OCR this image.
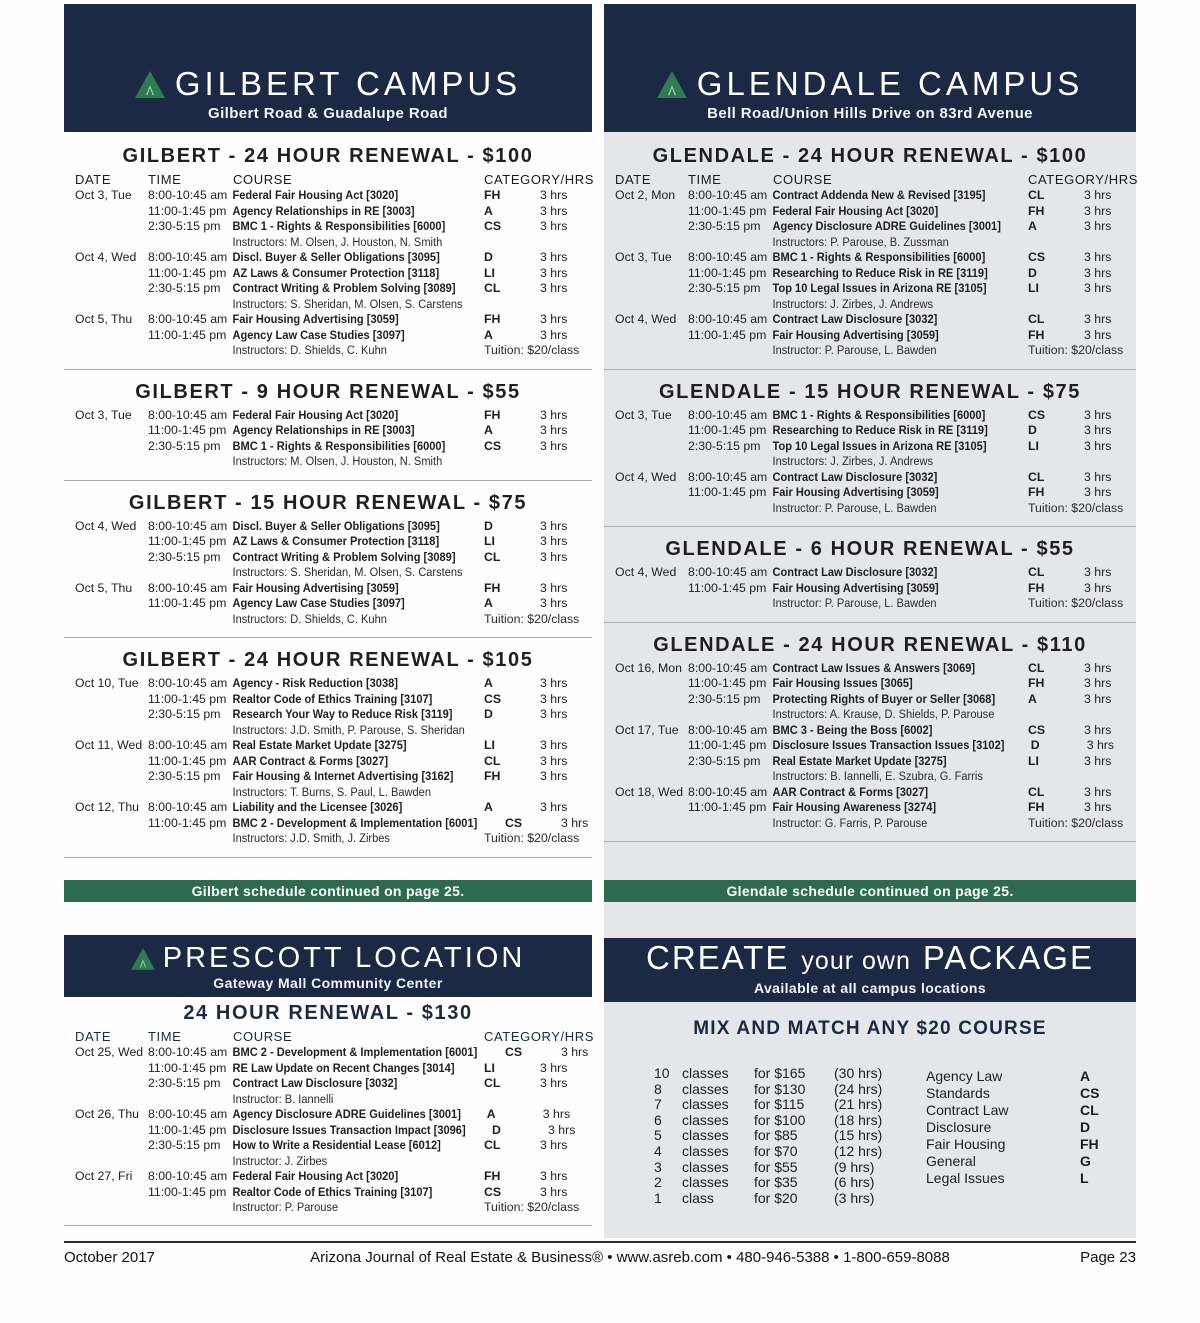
GILBERT CAMPUS
Gilbert Road & Guadalupe Road
GILBERT - 24 HOUR RENEWAL - $100
DATE	TIME	COURSE	CATEGORY/HRS
Oct 3, Tue	8:00-10:45 am Federal Fair Housing Act [3020]	FH	3 hrs
11:00-1:45 pm Agency Relationships in RE [3003]	A	3 hrs
2:30-5:15 pm BMC 1 - Rights & Responsibilities [6000]	CS	3 hrs
Instructors: M. Olsen, J. Houston, N. Smith
Oct 4, Wed 8:00-10:45 am Discl. Buyer & Seller Obligations [3095]	D	3 hrs
11:00-1:45 pm AZ Laws & Consumer Protection [3118]	LI	3 hrs
2:30-5:15 pm Contract Writing & Problem Solving [3089] CL	3 hrs
Instructors: S. Sheridan, M. Olsen, S. Carstens
Oct 5, Thu	8:00-10:45 am Fair Housing Advertising [3059]	FH	3 hrs
11:00-1:45 pm Agency Law Case Studies [3097]	A	3 hrs
Instructors: D. Shields, C. Kuhn	Tuition: $20/class
GILBERT - 9 HOUR RENEWAL - $55
Oct 3, Tue	8:00-10:45 am Federal Fair Housing Act [3020]	FH	3 hrs
11:00-1:45 pm Agency Relationships in RE [3003]	A	3 hrs
2:30-5:15 pm BMC 1 - Rights & Responsibilities [6000]	CS	3 hrs
Instructors: M. Olsen, J. Houston, N. Smith
GILBERT - 15 HOUR RENEWAL - $75
Oct 4, Wed 8:00-10:45 am Discl. Buyer & Seller Obligations [3095]	D	3 hrs
11:00-1:45 pm AZ Laws & Consumer Protection [3118]	LI	3 hrs
2:30-5:15 pm Contract Writing & Problem Solving [3089] CL	3 hrs
Instructors: S. Sheridan, M. Olsen, S. Carstens
Oct 5, Thu	8:00-10:45 am Fair Housing Advertising [3059]	FH	3 hrs
11:00-1:45 pm Agency Law Case Studies [3097]	A	3 hrs
Instructors: D. Shields, C. Kuhn	Tuition: $20/class
GILBERT - 24 HOUR RENEWAL - $105
Oct 10, Tue 8:00-10:45 am Agency - Risk Reduction [3038]	A	3 hrs
11:00-1:45 pm Realtor Code of Ethics Training [3107]	CS	3 hrs
2:30-5:15 pm Research Your Way to Reduce Risk [3119]	D	3 hrs
Instructors: J.D. Smith, P. Parouse, S. Sheridan
Oct 11, Wed 8:00-10:45 am Real Estate Market Update [3275]	LI	3 hrs
11:00-1:45 pm AAR Contract & Forms [3027]	CL	3 hrs
2:30-5:15 pm Fair Housing & Internet Advertising [3162]	FH	3 hrs
Instructors: T. Burns, S. Paul, L. Bawden
Oct 12, Thu 8:00-10:45 am Liability and the Licensee [3026]	A	3 hrs
11:00-1:45 pm BMC 2 - Development & Implementation [6001] CS	3 hrs
Instructors: J.D. Smith, J. Zirbes	Tuition: $20/class
Gilbert schedule continued on page 25.
PRESCOTT LOCATION
Gateway Mall Community Center
24 HOUR RENEWAL - $130
DATE	TIME	COURSE	CATEGORY/HRS
Oct 25, Wed 8:00-10:45 am BMC 2 - Development & Implementation [6001] CS	3 hrs
11:00-1:45 pm RE Law Update on Recent Changes [3014]	LI	3 hrs
2:30-5:15 pm Contract Law Disclosure [3032]	CL	3 hrs
Instructor: B. Iannelli
Oct 26, Thu 8:00-10:45 am Agency Disclosure ADRE Guidelines [3001] A	3 hrs
11:00-1:45 pm Disclosure Issues Transaction Impact [3096] D	3 hrs
2:30-5:15 pm How to Write a Residential Lease [6012]	CL	3 hrs
Instructor: J. Zirbes
Oct 27, Fri	8:00-10:45 am Federal Fair Housing Act [3020]	FH	3 hrs
11:00-1:45 pm Realtor Code of Ethics Training [3107]	CS	3 hrs
Instructor: P. Parouse	Tuition: $20/class
GLENDALE CAMPUS
Bell Road/Union Hills Drive on 83rd Avenue
GLENDALE - 24 HOUR RENEWAL - $100
DATE	TIME	COURSE	CATEGORY/HRS
Oct 2, Mon	8:00-10:45 am Contract Addenda New & Revised [3195]	CL	3 hrs
11:00-1:45 pm Federal Fair Housing Act [3020]	FH	3 hrs
2:30-5:15 pm Agency Disclosure ADRE Guidelines [3001] A	3 hrs
Instructors: P. Parouse, B. Zussman
Oct 3, Tue	8:00-10:45 am BMC 1 - Rights & Responsibilities [6000]	CS	3 hrs
11:00-1:45 pm Researching to Reduce Risk in RE [3119]	D	3 hrs
2:30-5:15 pm Top 10 Legal Issues in Arizona RE [3105]	LI	3 hrs
Instructors: J. Zirbes, J. Andrews
Oct 4, Wed 8:00-10:45 am Contract Law Disclosure [3032]	CL	3 hrs
11:00-1:45 pm Fair Housing Advertising [3059]	FH	3 hrs
Instructor: P. Parouse, L. Bawden	Tuition: $20/class
GLENDALE - 15 HOUR RENEWAL - $75
Oct 3, Tue	8:00-10:45 am BMC 1 - Rights & Responsibilities [6000]	CS	3 hrs
11:00-1:45 pm Researching to Reduce Risk in RE [3119]	D	3 hrs
2:30-5:15 pm Top 10 Legal Issues in Arizona RE [3105]	LI	3 hrs
Instructors: J. Zirbes, J. Andrews
Oct 4, Wed 8:00-10:45 am Contract Law Disclosure [3032]	CL	3 hrs
11:00-1:45 pm Fair Housing Advertising [3059]	FH	3 hrs
Instructor: P. Parouse, L. Bawden	Tuition: $20/class
GLENDALE - 6 HOUR RENEWAL - $55
Oct 4, Wed 8:00-10:45 am Contract Law Disclosure [3032]	CL	3 hrs
11:00-1:45 pm Fair Housing Advertising [3059]	FH	3 hrs
Instructor: P. Parouse, L. Bawden	Tuition: $20/class
GLENDALE - 24 HOUR RENEWAL - $110
Oct 16, Mon 8:00-10:45 am Contract Law Issues & Answers [3069]	CL	3 hrs
11:00-1:45 pm Fair Housing Issues [3065]	FH	3 hrs
2:30-5:15 pm Protecting Rights of Buyer or Seller [3068]	A	3 hrs
Instructors: A. Krause, D. Shields, P. Parouse
Oct 17, Tue 8:00-10:45 am BMC 3 - Being the Boss [6002]	CS	3 hrs
11:00-1:45 pm Disclosure Issues Transaction Issues [3102] D	3 hrs
2:30-5:15 pm Real Estate Market Update [3275]	LI	3 hrs
Instructors: B. Iannelli, E. Szubra, G. Farris
Oct 18, Wed 8:00-10:45 am AAR Contract & Forms [3027]	CL	3 hrs
11:00-1:45 pm Fair Housing Awareness [3274]	FH	3 hrs
Instructor: G. Farris, P. Parouse	Tuition: $20/class
Glendale schedule continued on page 25.
CREATE your own PACKAGE
Available at all campus locations
MIX AND MATCH ANY $20 COURSE
10 classes	for $165	(30 hrs)
8	classes	for $130	(24 hrs)
7	classes	for $115	(21 hrs)
6	classes	for $100	(18 hrs)
5	classes	for $85	(15 hrs)
4	classes	for $70	(12 hrs)
3	classes	for $55	(9 hrs)
2	classes	for $35	(6 hrs)
1	class	for $20	(3 hrs)
Agency Law	A
Standards	CS
Contract Law	CL
Disclosure	D
Fair Housing	FH
General	G
Legal Issues	L
October 2017	Arizona Journal of Real Estate & Business® • www.asreb.com • 480-946-5388 • 1-800-659-8088	Page 23
